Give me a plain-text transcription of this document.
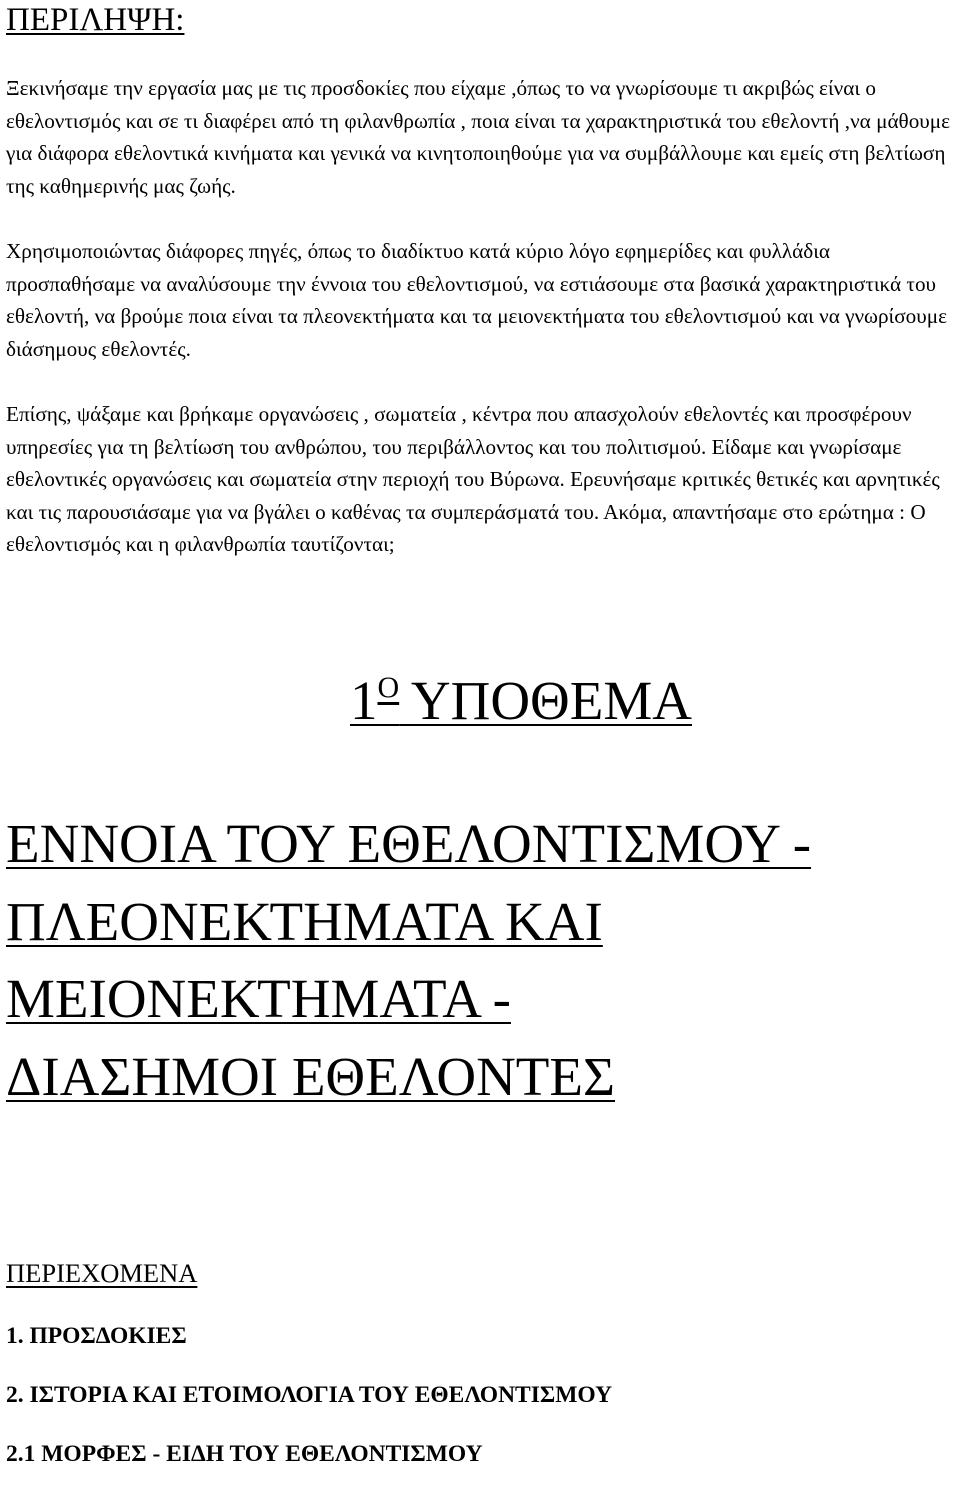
ΠΕΡΙΛΗΨΗ:

Ξεκινήσαμε την εργασία μας με τις προσδοκίες που είχαμε ,όπως το να γνωρίσουμε τι ακριβώς είναι ο εθελοντισμός και σε τι διαφέρει από τη φιλανθρωπία , ποια είναι τα χαρακτηριστικά του εθελοντή ,να μάθουμε για διάφορα εθελοντικά κινήματα και γενικά να κινητοποιηθούμε για να συμβάλλουμε και εμείς στη βελτίωση της καθημερινής μας ζωής.

Χρησιμοποιώντας διάφορες πηγές, όπως το διαδίκτυο κατά κύριο λόγο εφημερίδες και φυλλάδια προσπαθήσαμε να αναλύσουμε την έννοια του εθελοντισμού, να εστιάσουμε στα βασικά χαρακτηριστικά του εθελοντή, να βρούμε ποια είναι τα πλεονεκτήματα και τα μειονεκτήματα του εθελοντισμού και να γνωρίσουμε διάσημους εθελοντές.

Επίσης, ψάξαμε και βρήκαμε οργανώσεις , σωματεία , κέντρα που απασχολούν εθελοντές και προσφέρουν υπηρεσίες για τη βελτίωση του ανθρώπου, του περιβάλλοντος και του πολιτισμού. Είδαμε και γνωρίσαμε εθελοντικές οργανώσεις και σωματεία στην περιοχή του Βύρωνα. Ερευνήσαμε κριτικές θετικές και αρνητικές και τις παρουσιάσαμε για να βγάλει ο καθένας τα συμπεράσματά του. Ακόμα, απαντήσαμε στο ερώτημα : Ο εθελοντισμός και η φιλανθρωπία ταυτίζονται;

$1^O$ ΥΠΟΘΕΜΑ
ΕΝΝΟΙΑ ΤΟΥ ΕΘΕΛΟΝΤΙΣΜΟΥ -
ΠΛΕΟΝΕΚΤΗΜΑΤΑ ΚΑΙ
ΜΕΙΟΝΕΚΤΗΜΑΤΑ -
ΔΙΑΣΗΜΟΙ ΕΘΕΛΟΝΤΕΣ
ΠΕΡΙΕΧΟΜΕΝΑ
1. ΠΡΟΣΔΟΚΙΕΣ
2. ΙΣΤΟΡΙΑ ΚΑΙ ΕΤΟΙΜΟΛΟΓΙΑ ΤΟΥ ΕΘΕΛΟΝΤΙΣΜΟΥ
2.1 ΜΟΡΦΕΣ - ΕΙΔΗ ΤΟΥ ΕΘΕΛΟΝΤΙΣΜΟΥ
